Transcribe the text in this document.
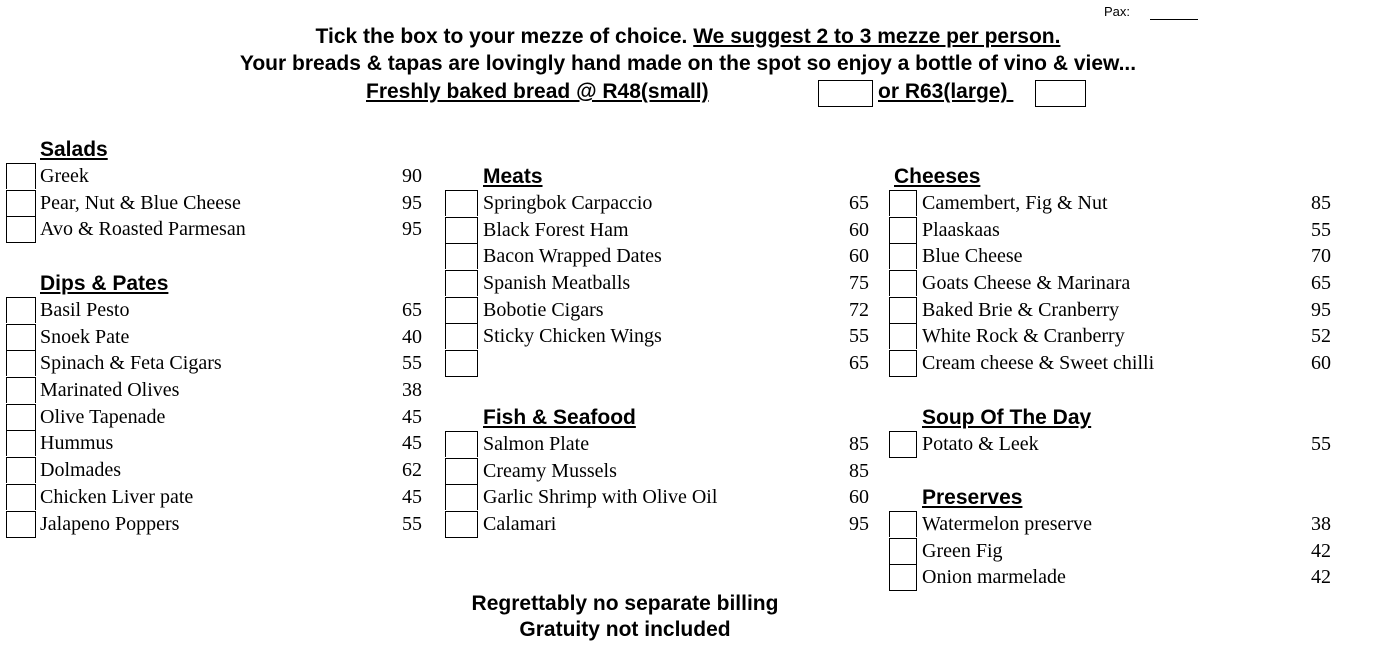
Pax:
Tick the box to your mezze of choice. We suggest 2 to 3 mezze per person.
Your breads & tapas are lovingly hand made on the spot so enjoy a bottle of vino & view...
Freshly baked bread @ R48(small)	or R63(large)
Salads
Greek	90
Pear, Nut & Blue Cheese	95
Avo & Roasted Parmesan	95
Dips & Pates
Basil Pesto	65
Snoek Pate	40
Spinach & Feta Cigars	55
Marinated Olives	38
Olive Tapenade	45
Hummus	45
Dolmades	62
Chicken Liver pate	45
Jalapeno Poppers	55
Meats
Springbok Carpaccio	65
Black Forest Ham	60
Bacon Wrapped Dates	60
Spanish Meatballs	75
Bobotie Cigars	72
Sticky Chicken Wings	55
65
Fish & Seafood
Salmon Plate	85
Creamy Mussels	85
Garlic Shrimp with Olive Oil	60
Calamari	95
Cheeses
Camembert, Fig & Nut	85
Plaaskaas	55
Blue Cheese	70
Goats Cheese & Marinara	65
Baked Brie & Cranberry	95
White Rock & Cranberry	52
Cream cheese & Sweet chilli	60
Soup Of The Day
Potato & Leek	55
Preserves
Watermelon preserve	38
Green Fig	42
Onion marmelade	42
Regrettably no separate billing
Gratuity not included
